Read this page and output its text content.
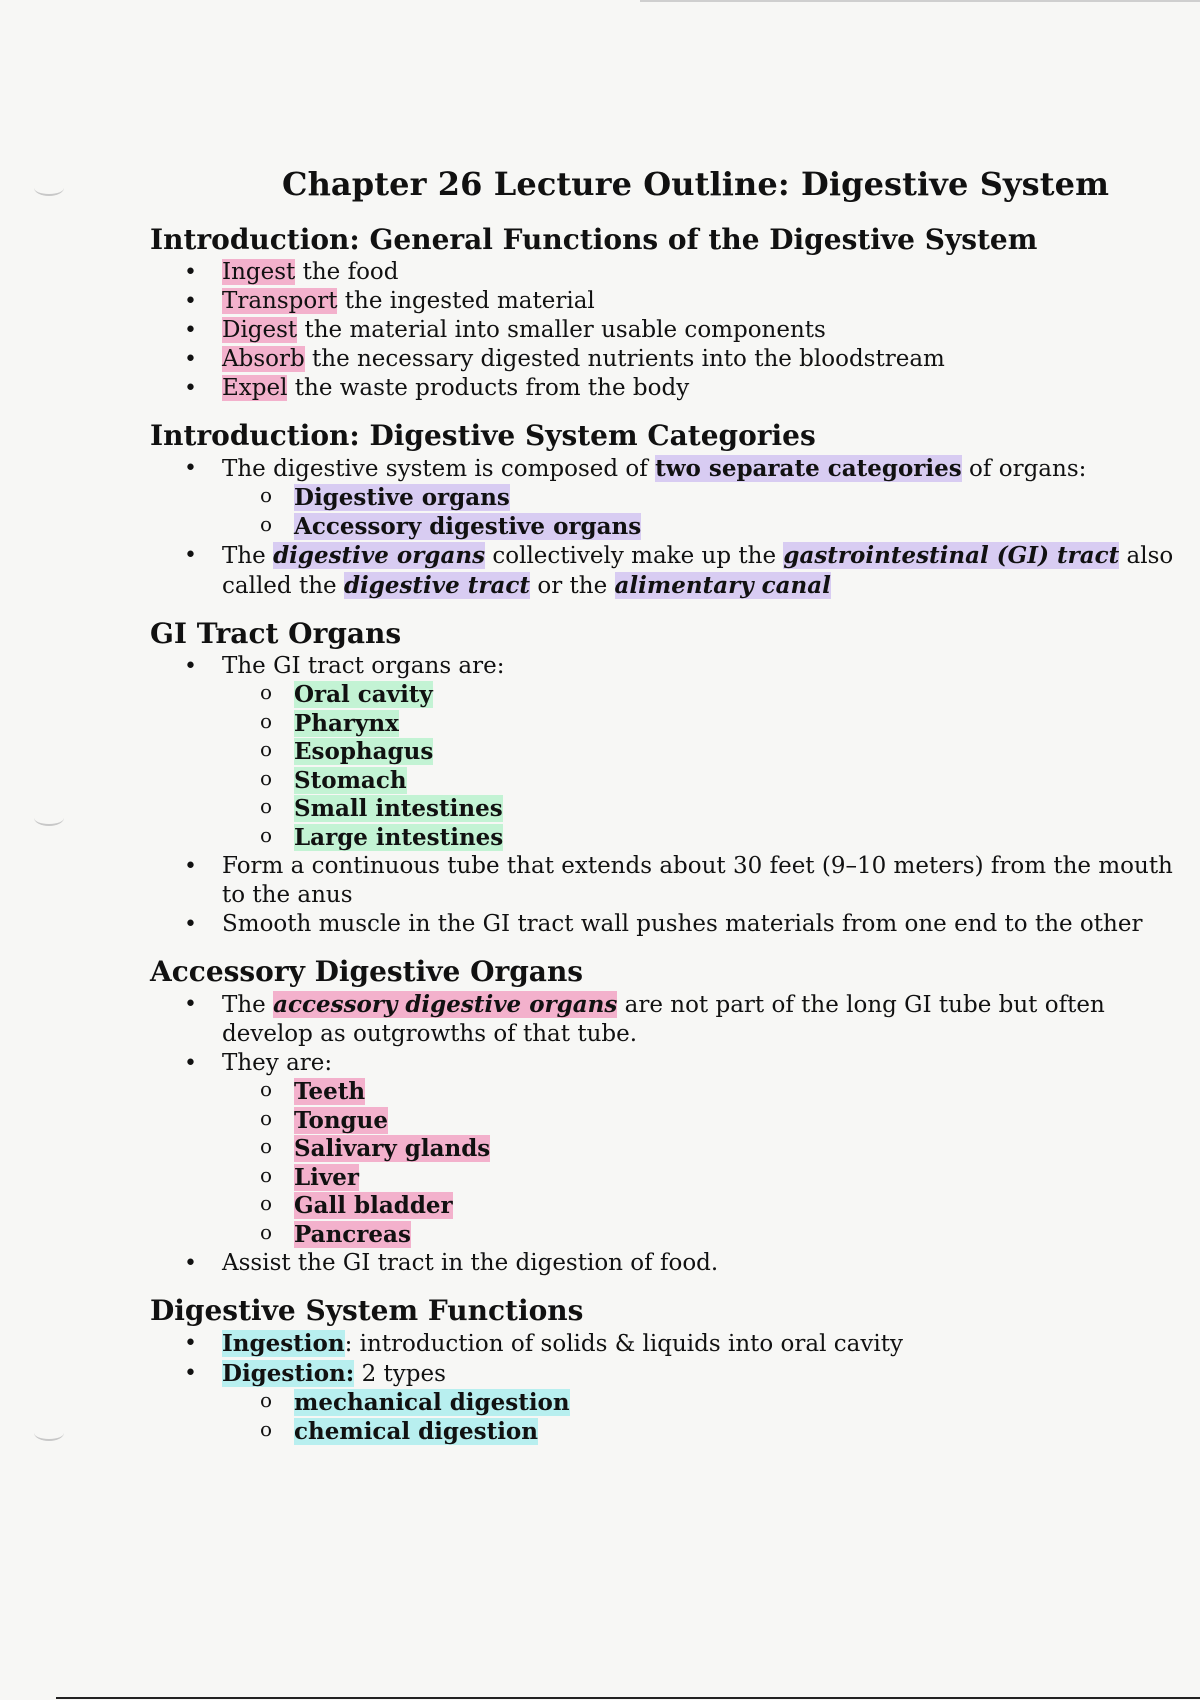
Chapter 26 Lecture Outline: Digestive System
Introduction: General Functions of the Digestive System
• Ingest the food
• Transport the ingested material
• Digest the material into smaller usable components
• Absorb the necessary digested nutrients into the bloodstream
• Expel the waste products from the body
Introduction: Digestive System Categories
• The digestive system is composed of two separate categories of organs:
o Digestive organs
o Accessory digestive organs
• The digestive organs collectively make up the gastrointestinal (GI) tract also called the digestive tract or the alimentary canal
GI Tract Organs
• The GI tract organs are:
o Oral cavity
o Pharynx
o Esophagus
o Stomach
o Small intestines
o Large intestines
• Form a continuous tube that extends about 30 feet (9–10 meters) from the mouth to the anus
• Smooth muscle in the GI tract wall pushes materials from one end to the other
Accessory Digestive Organs
• The accessory digestive organs are not part of the long GI tube but often develop as outgrowths of that tube.
• They are:
o Teeth
o Tongue
o Salivary glands
o Liver
o Gall bladder
o Pancreas
• Assist the GI tract in the digestion of food.
Digestive System Functions
• Ingestion: introduction of solids & liquids into oral cavity
• Digestion: 2 types
o mechanical digestion
o chemical digestion
